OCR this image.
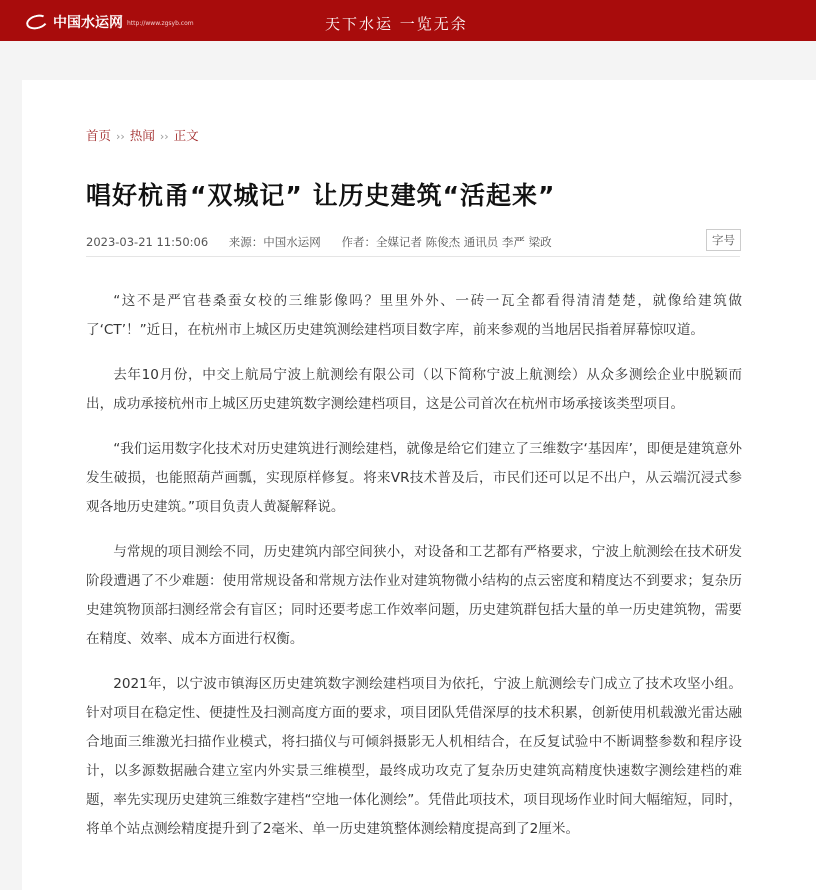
中国水运网 http://www.zgsyb.com	天下水运 一览无余
首页 ›› 热闻 ›› 正文
唱好杭甬“双城记” 让历史建筑“活起来”
2023-03-21 11:50:06 来源：中国水运网 作者：全媒记者 陈俊杰 通讯员 李严 梁政	字号

“这不是严官巷桑蚕女校的三维影像吗？里里外外、一砖一瓦全都看得清清楚楚，就像给建筑做了‘CT’！”近日，在杭州市上城区历史建筑测绘建档项目数字库，前来参观的当地居民指着屏幕惊叹道。

去年10月份，中交上航局宁波上航测绘有限公司（以下简称宁波上航测绘）从众多测绘企业中脱颖而出，成功承接杭州市上城区历史建筑数字测绘建档项目，这是公司首次在杭州市场承接该类型项目。

“我们运用数字化技术对历史建筑进行测绘建档，就像是给它们建立了三维数字‘基因库’，即便是建筑意外发生破损，也能照葫芦画瓢，实现原样修复。将来VR技术普及后，市民们还可以足不出户，从云端沉浸式参观各地历史建筑。”项目负责人黄凝解释说。

与常规的项目测绘不同，历史建筑内部空间狭小，对设备和工艺都有严格要求，宁波上航测绘在技术研发阶段遭遇了不少难题：使用常规设备和常规方法作业对建筑物微小结构的点云密度和精度达不到要求；复杂历史建筑物顶部扫测经常会有盲区；同时还要考虑工作效率问题，历史建筑群包括大量的单一历史建筑物，需要在精度、效率、成本方面进行权衡。

2021年，以宁波市镇海区历史建筑数字测绘建档项目为依托，宁波上航测绘专门成立了技术攻坚小组。针对项目在稳定性、便捷性及扫测高度方面的要求，项目团队凭借深厚的技术积累，创新使用机载激光雷达融合地面三维激光扫描作业模式，将扫描仪与可倾斜摄影无人机相结合，在反复试验中不断调整参数和程序设计，以多源数据融合建立室内外实景三维模型，最终成功攻克了复杂历史建筑高精度快速数字测绘建档的难题，率先实现历史建筑三维数字建档“空地一体化测绘”。凭借此项技术，项目现场作业时间大幅缩短，同时，将单个站点测绘精度提升到了2毫米、单一历史建筑整体测绘精度提高到了2厘米。
